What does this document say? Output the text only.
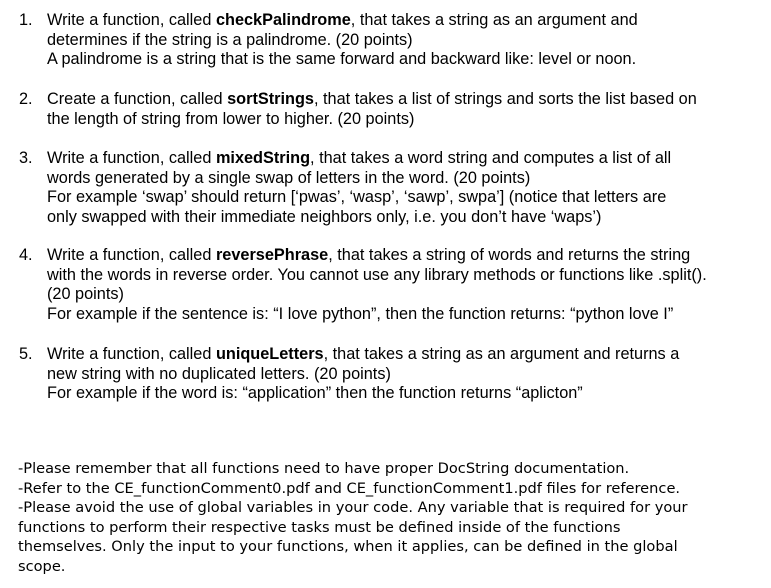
1. Write a function, called checkPalindrome, that takes a string as an argument and
determines if the string is a palindrome. (20 points)
A palindrome is a string that is the same forward and backward like: level or noon.
2. Create a function, called sortStrings, that takes a list of strings and sorts the list based on
the length of string from lower to higher. (20 points)
3. Write a function, called mixedString, that takes a word string and computes a list of all
words generated by a single swap of letters in the word. (20 points)
For example ‘swap’ should return [‘pwas’, ‘wasp’, ‘sawp’, swpa’] (notice that letters are
only swapped with their immediate neighbors only, i.e. you don’t have ‘waps’)
4. Write a function, called reversePhrase, that takes a string of words and returns the string
with the words in reverse order. You cannot use any library methods or functions like .split().
(20 points)
For example if the sentence is: “I love python”, then the function returns: “python love I”
5. Write a function, called uniqueLetters, that takes a string as an argument and returns a
new string with no duplicated letters. (20 points)
For example if the word is: “application” then the function returns “aplicton”
-Please remember that all functions need to have proper DocString documentation.
-Refer to the CE_functionComment0.pdf and CE_functionComment1.pdf files for reference.
-Please avoid the use of global variables in your code. Any variable that is required for your
functions to perform their respective tasks must be defined inside of the functions
themselves. Only the input to your functions, when it applies, can be defined in the global
scope.
